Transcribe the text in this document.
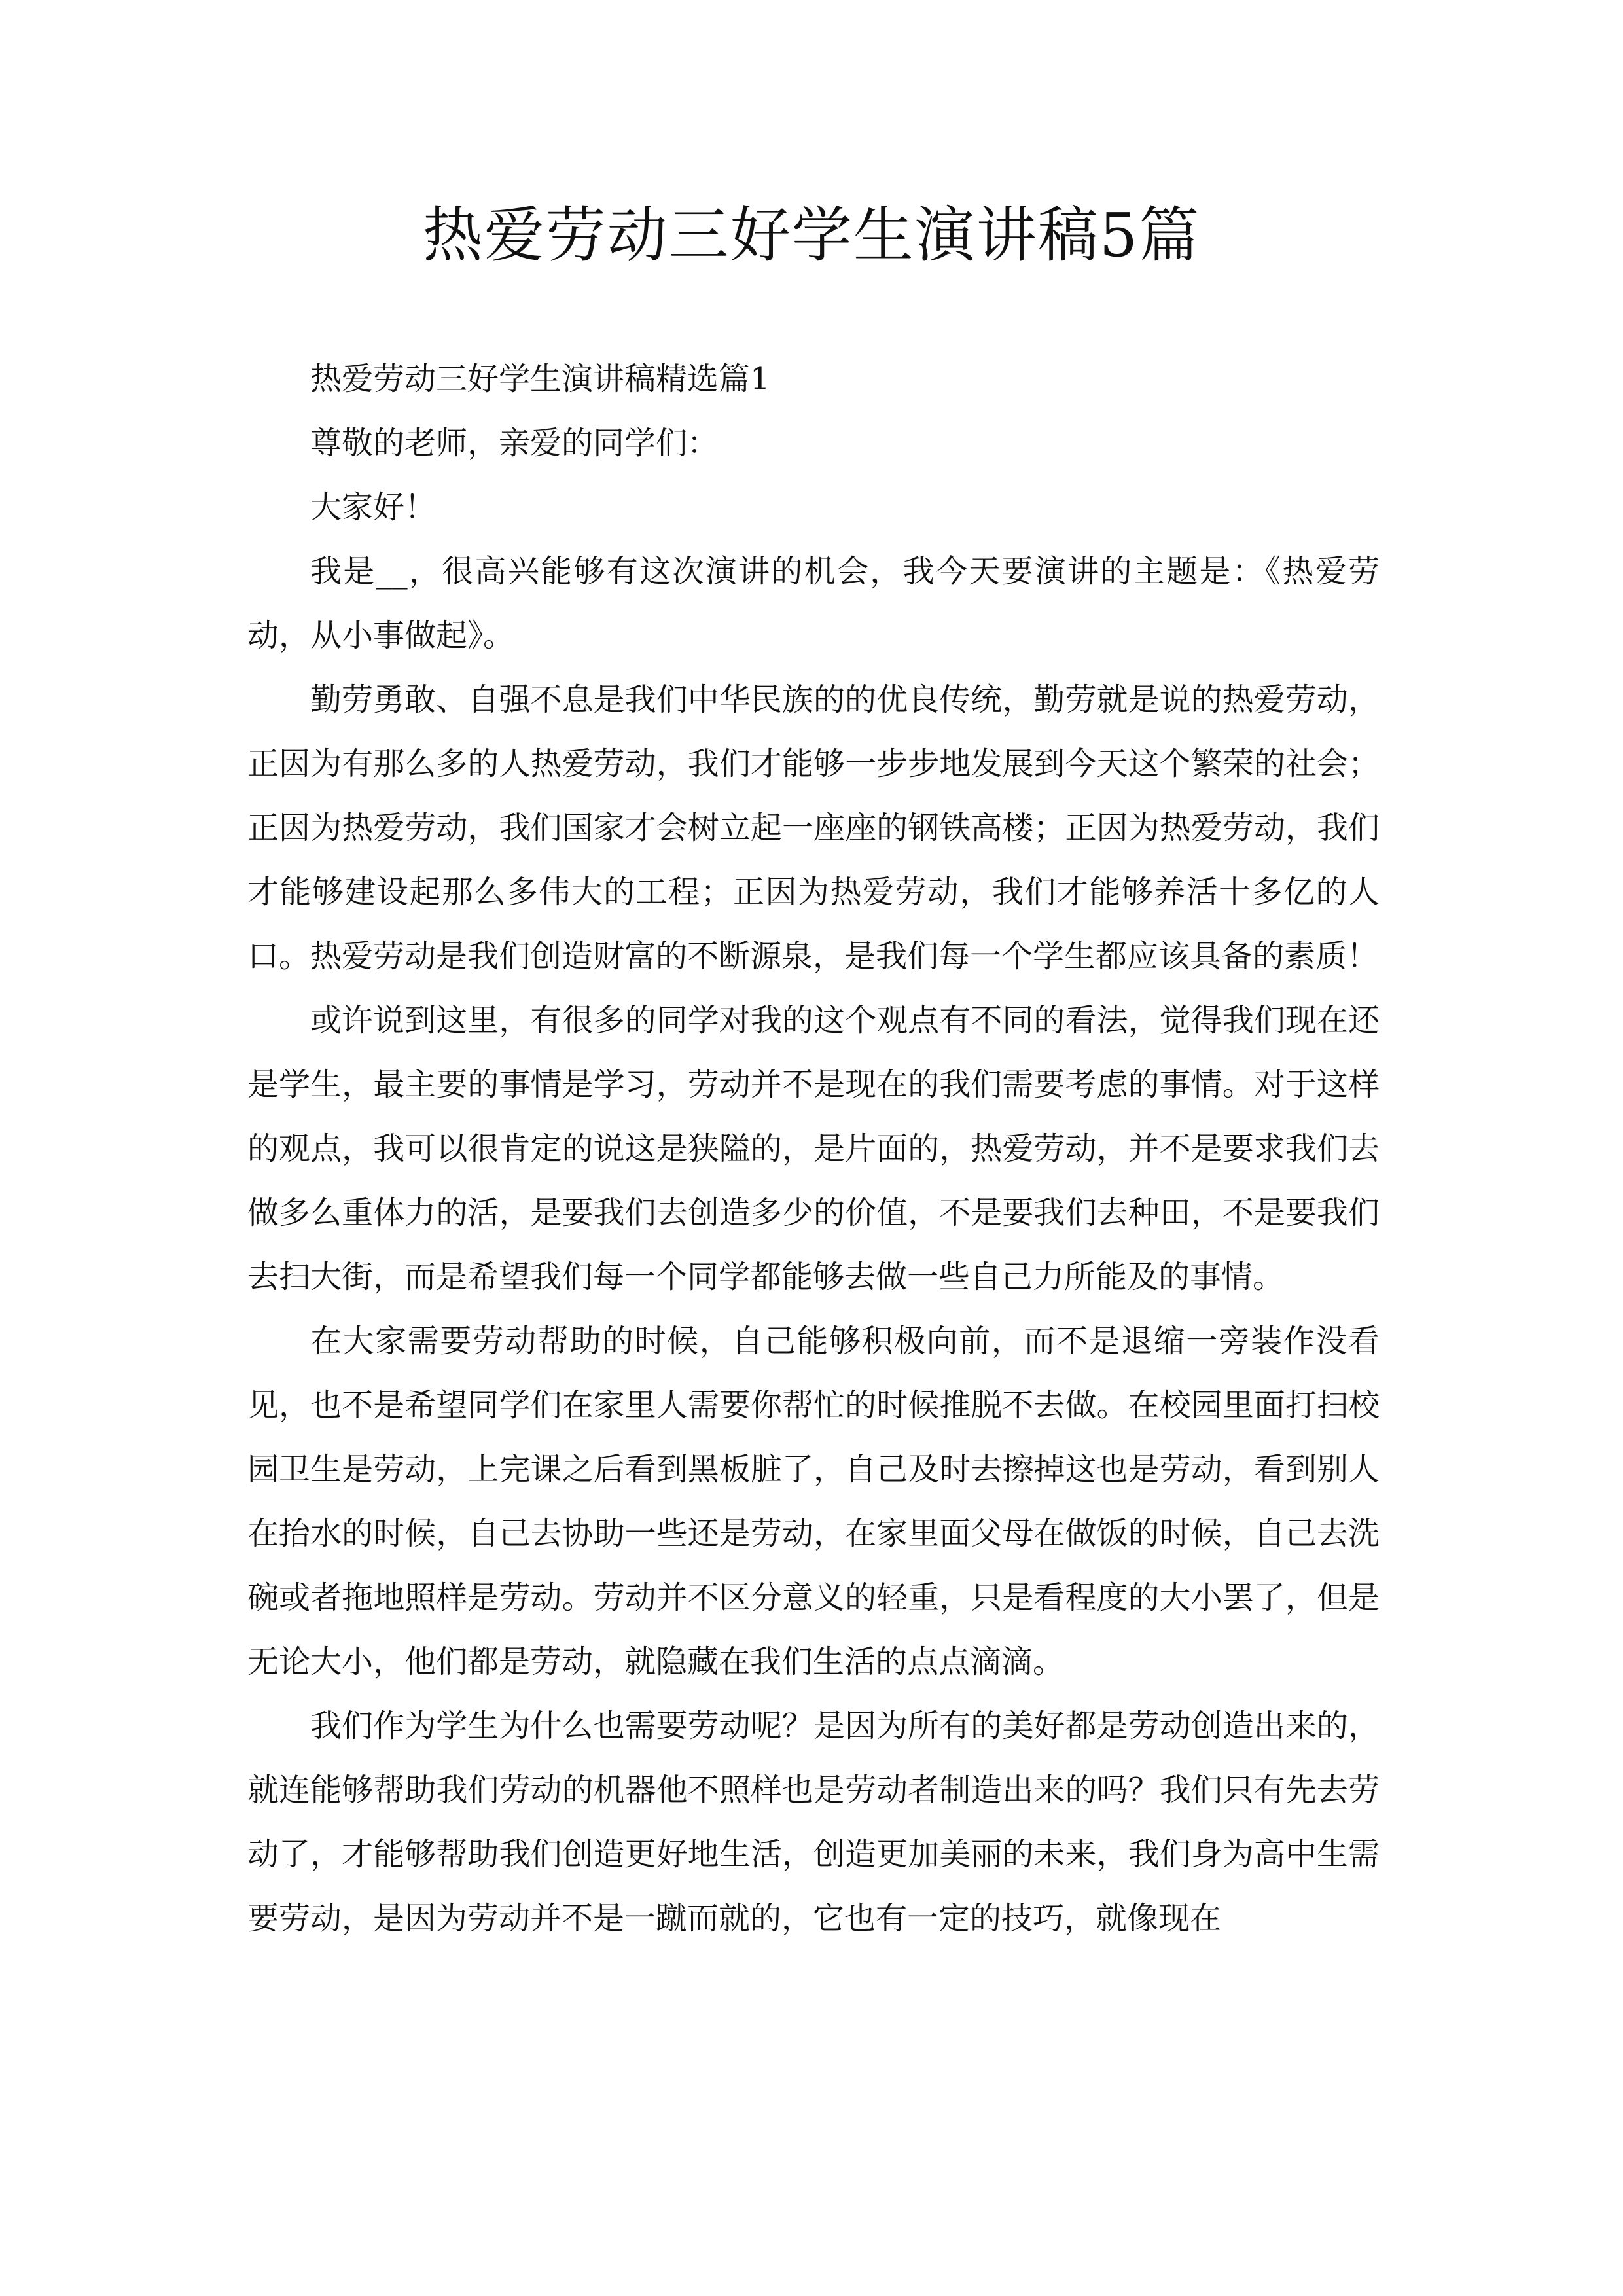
热爱劳动三好学生演讲稿5篇

热爱劳动三好学生演讲稿精选篇1

尊敬的老师，亲爱的同学们：

大家好！

我是__，很高兴能够有这次演讲的机会，我今天要演讲的主题是：《热爱劳动，从小事做起》。

勤劳勇敢、自强不息是我们中华民族的的优良传统，勤劳就是说的热爱劳动，正因为有那么多的人热爱劳动，我们才能够一步步地发展到今天这个繁荣的社会；正因为热爱劳动，我们国家才会树立起一座座的钢铁高楼；正因为热爱劳动，我们才能够建设起那么多伟大的工程；正因为热爱劳动，我们才能够养活十多亿的人口。热爱劳动是我们创造财富的不断源泉，是我们每一个学生都应该具备的素质！

或许说到这里，有很多的同学对我的这个观点有不同的看法，觉得我们现在还是学生，最主要的事情是学习，劳动并不是现在的我们需要考虑的事情。对于这样的观点，我可以很肯定的说这是狭隘的，是片面的，热爱劳动，并不是要求我们去做多么重体力的活，是要我们去创造多少的价值，不是要我们去种田，不是要我们去扫大街，而是希望我们每一个同学都能够去做一些自己力所能及的事情。

在大家需要劳动帮助的时候，自己能够积极向前，而不是退缩一旁装作没看见，也不是希望同学们在家里人需要你帮忙的时候推脱不去做。在校园里面打扫校园卫生是劳动，上完课之后看到黑板脏了，自己及时去擦掉这也是劳动，看到别人在抬水的时候，自己去协助一些还是劳动，在家里面父母在做饭的时候，自己去洗碗或者拖地照样是劳动。劳动并不区分意义的轻重，只是看程度的大小罢了，但是无论大小，他们都是劳动，就隐藏在我们生活的点点滴滴。

我们作为学生为什么也需要劳动呢？是因为所有的美好都是劳动创造出来的，就连能够帮助我们劳动的机器他不照样也是劳动者制造出来的吗？我们只有先去劳动了，才能够帮助我们创造更好地生活，创造更加美丽的未来，我们身为高中生需要劳动，是因为劳动并不是一蹴而就的，它也有一定的技巧，就像现在
